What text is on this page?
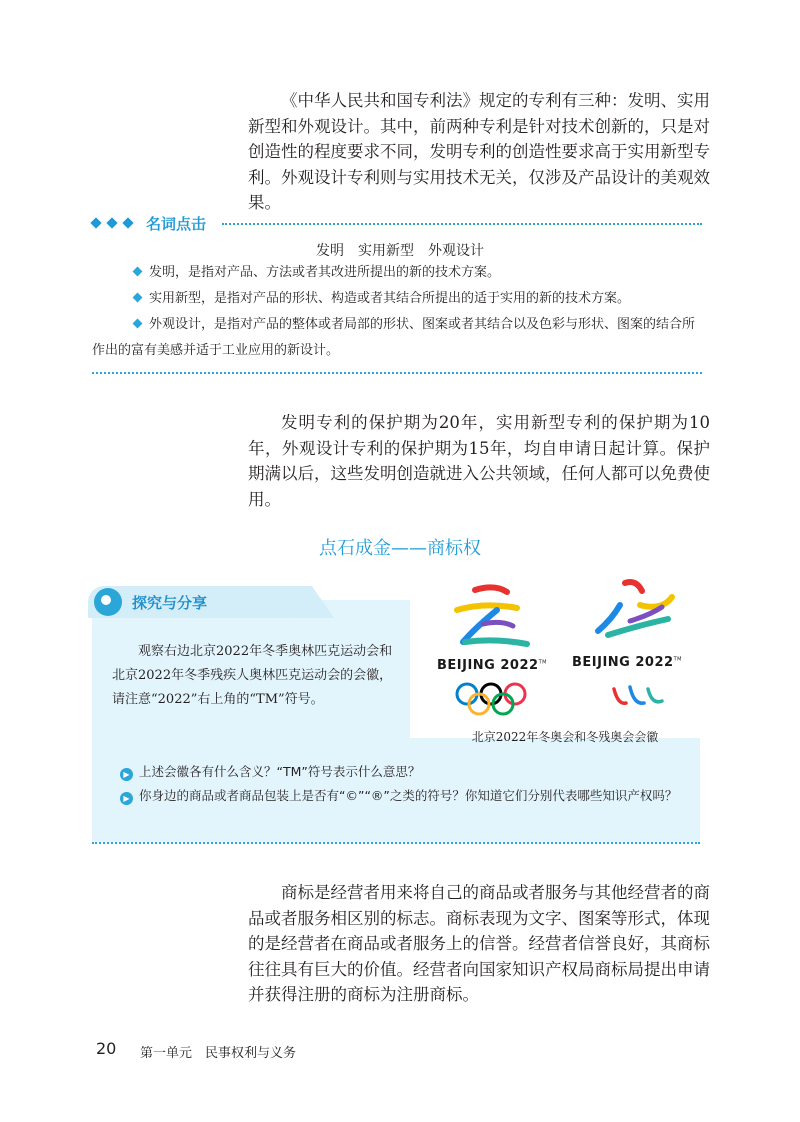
《中华人民共和国专利法》规定的专利有三种：发明、实用新型和外观设计。其中，前两种专利是针对技术创新的，只是对创造性的程度要求不同，发明专利的创造性要求高于实用新型专利。外观设计专利则与实用技术无关，仅涉及产品设计的美观效果。

名词点击
发明　实用新型　外观设计

发明，是指对产品、方法或者其改进所提出的新的技术方案。

实用新型，是指对产品的形状、构造或者其结合所提出的适于实用的新的技术方案。

外观设计，是指对产品的整体或者局部的形状、图案或者其结合以及色彩与形状、图案的结合所作出的富有美感并适于工业应用的新设计。

发明专利的保护期为20年，实用新型专利的保护期为10年，外观设计专利的保护期为15年，均自申请日起计算。保护期满以后，这些发明创造就进入公共领域，任何人都可以免费使用。

点石成金——商标权
探究与分享

观察右边北京2022年冬季奥林匹克运动会和北京2022年冬季残疾人奥林匹克运动会的会徽，请注意“2022”右上角的“TM”符号。

BEIJING 2022™ BEIJING 2022™
北京2022年冬奥会和冬残奥会会徽

▶ 上述会徽各有什么含义？“TM”符号表示什么意思？

▶ 你身边的商品或者商品包装上是否有“©”“®”之类的符号？你知道它们分别代表哪些知识产权吗？

商标是经营者用来将自己的商品或者服务与其他经营者的商品或者服务相区别的标志。商标表现为文字、图案等形式，体现的是经营者在商品或者服务上的信誉。经营者信誉良好，其商标往往具有巨大的价值。经营者向国家知识产权局商标局提出申请并获得注册的商标为注册商标。

20 第一单元　民事权利与义务
